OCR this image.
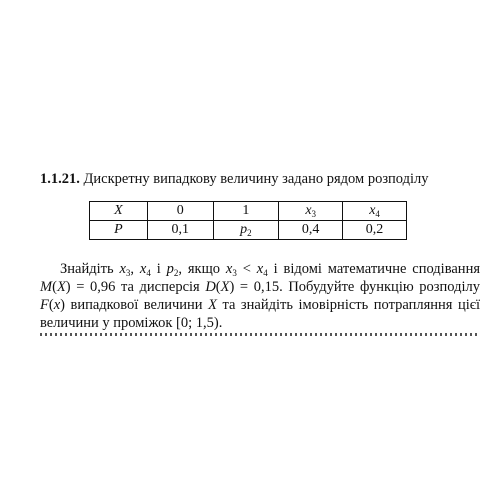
1.1.21. Дискретну випадкову величину задано рядом розподілу
X	0	1	$x_3$	$x_4$
P	0,1	$p_2$	0,4	0,2

Знайдіть $x_3$, $x_4$ і $p_2$, якщо $x_3 < x_4$ і відомі математичне сподівання M(X) = 0,96 та дисперсія D(X) = 0,15. Побудуйте функцію розподілу F(x) випадкової величини X та знайдіть імовірність потрапляння цієї величини у проміжок [0; 1,5).
